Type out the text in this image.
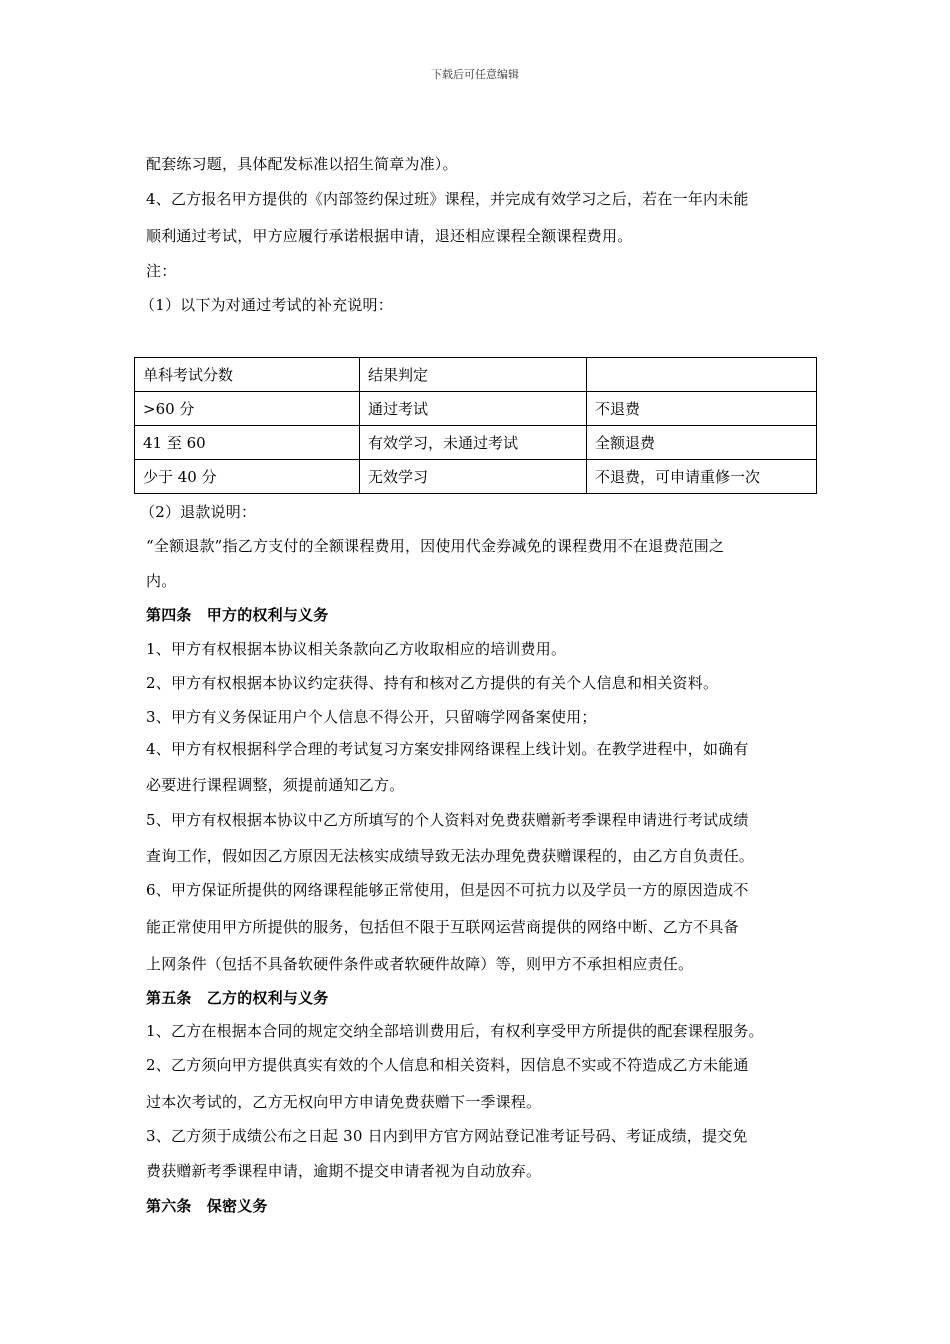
下载后可任意编辑

配套练习题，具体配发标准以招生简章为准）。

4、乙方报名甲方提供的《内部签约保过班》课程，并完成有效学习之后，若在一年内未能

顺利通过考试，甲方应履行承诺根据申请，退还相应课程全额课程费用。

注：

（1）以下为对通过考试的补充说明：

单科考试分数	结果判定	
>60 分	通过考试	不退费
41 至 60	有效学习，未通过考试	全额退费
少于 40 分	无效学习	不退费，可申请重修一次

（2）退款说明：

“全额退款”指乙方支付的全额课程费用，因使用代金券减免的课程费用不在退费范围之

内。

第四条　甲方的权利与义务

1、甲方有权根据本协议相关条款向乙方收取相应的培训费用。

2、甲方有权根据本协议约定获得、持有和核对乙方提供的有关个人信息和相关资料。

3、甲方有义务保证用户个人信息不得公开，只留嗨学网备案使用；

4、甲方有权根据科学合理的考试复习方案安排网络课程上线计划。在教学进程中，如确有

必要进行课程调整，须提前通知乙方。

5、甲方有权根据本协议中乙方所填写的个人资料对免费获赠新考季课程申请进行考试成绩

查询工作，假如因乙方原因无法核实成绩导致无法办理免费获赠课程的，由乙方自负责任。

6、甲方保证所提供的网络课程能够正常使用，但是因不可抗力以及学员一方的原因造成不

能正常使用甲方所提供的服务，包括但不限于互联网运营商提供的网络中断、乙方不具备

上网条件（包括不具备软硬件条件或者软硬件故障）等，则甲方不承担相应责任。

第五条　乙方的权利与义务

1、乙方在根据本合同的规定交纳全部培训费用后，有权利享受甲方所提供的配套课程服务。

2、乙方须向甲方提供真实有效的个人信息和相关资料，因信息不实或不符造成乙方未能通

过本次考试的，乙方无权向甲方申请免费获赠下一季课程。

3、乙方须于成绩公布之日起 30 日内到甲方官方网站登记准考证号码、考证成绩，提交免

费获赠新考季课程申请，逾期不提交申请者视为自动放弃。

第六条　保密义务
